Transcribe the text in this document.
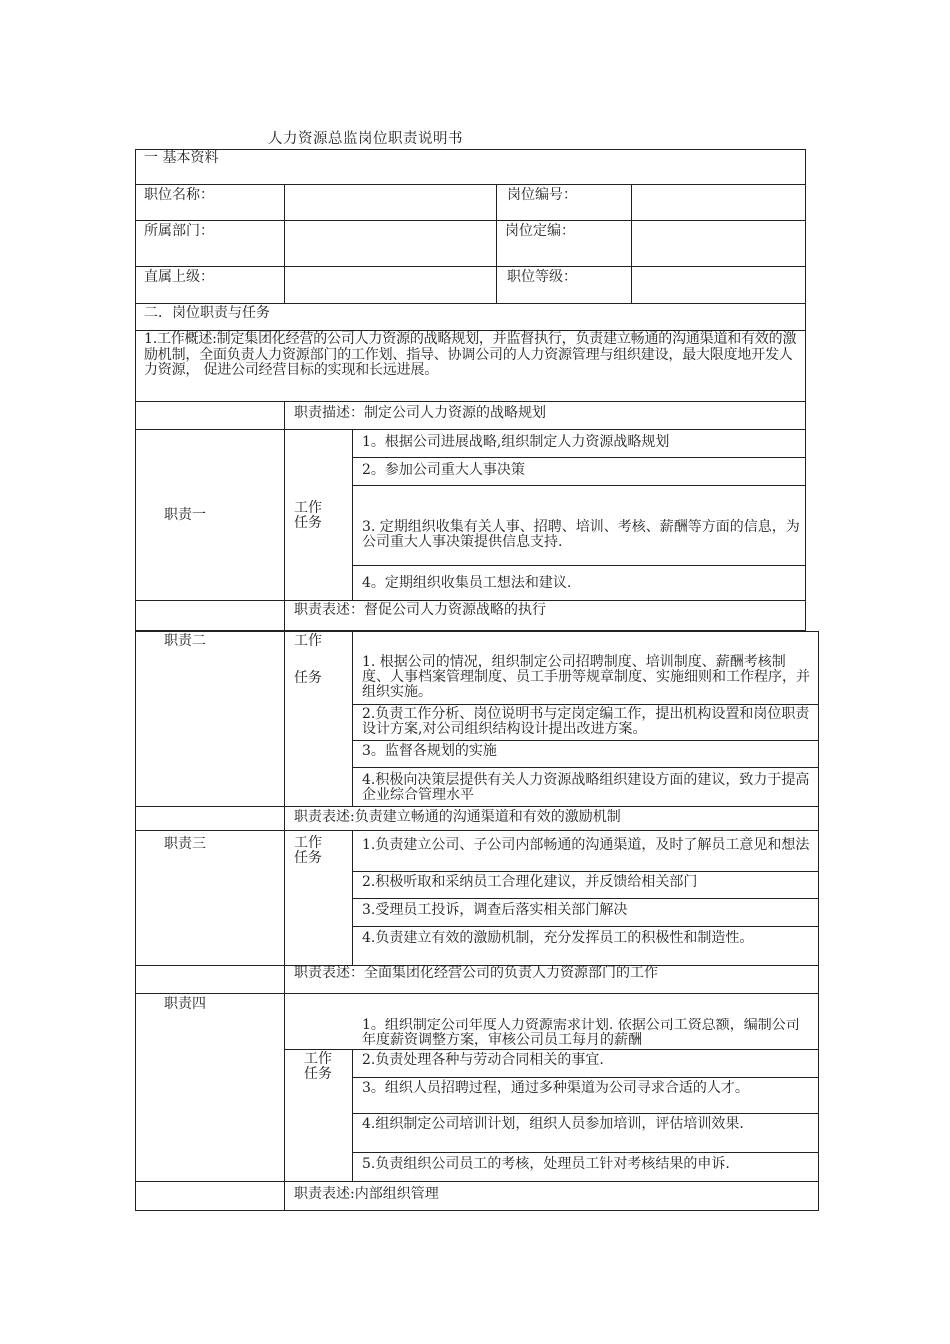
人力资源总监岗位职责说明书
一 基本资料
职位名称：	岗位编号：
所属部门：	岗位定编：
直属上级：	职位等级：
二．岗位职责与任务
1.工作概述:制定集团化经营的公司人力资源的战略规划，并监督执行，负责建立畅通的沟通渠道和有效的激励机制，全面负责人力资源部门的工作划、指导、协调公司的人力资源管理与组织建设，最大限度地开发人力资源， 促进公司经营目标的实现和长远进展。
职责描述：制定公司人力资源的战略规划
职责一	工作任务
1。根据公司进展战略,组织制定人力资源战略规划
2。参加公司重大人事决策
3. 定期组织收集有关人事、招聘、培训、考核、薪酬等方面的信息，为公司重大人事决策提供信息支持.
4。定期组织收集员工想法和建议.
职责表述：督促公司人力资源战略的执行
职责二	工作
任务
1. 根据公司的情况，组织制定公司招聘制度、培训制度、薪酬考核制度、人事档案管理制度、员工手册等规章制度、实施细则和工作程序，并组织实施。
2.负责工作分析、岗位说明书与定岗定编工作，提出机构设置和岗位职责设计方案,对公司组织结构设计提出改进方案。
3。监督各规划的实施
4.积极向决策层提供有关人力资源战略组织建设方面的建议，致力于提高企业综合管理水平
职责表述:负责建立畅通的沟通渠道和有效的激励机制
职责三	工作任务
1.负责建立公司、子公司内部畅通的沟通渠道，及时了解员工意见和想法
2.积极听取和采纳员工合理化建议，并反馈给相关部门
3.受理员工投诉，调查后落实相关部门解决
4.负责建立有效的激励机制，充分发挥员工的积极性和制造性。
职责表述：全面集团化经营公司的负责人力资源部门的工作
职责四
工作任务
1。组织制定公司年度人力资源需求计划. 依据公司工资总额，编制公司年度薪资调整方案，审核公司员工每月的薪酬
2.负责处理各种与劳动合同相关的事宜.
3。组织人员招聘过程，通过多种渠道为公司寻求合适的人才。
4.组织制定公司培训计划，组织人员参加培训，评估培训效果.
5.负责组织公司员工的考核，处理员工针对考核结果的申诉.
职责表述:内部组织管理
